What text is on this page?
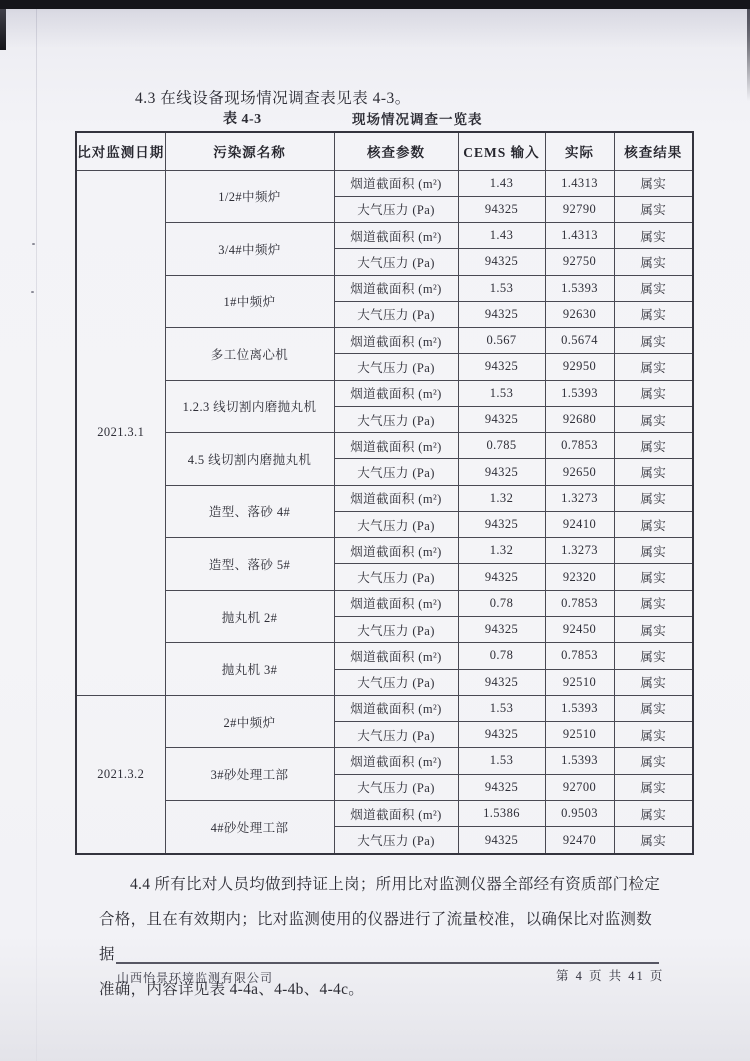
4.3 在线设备现场情况调查表见表 4-3。
表 4-3	现场情况调查一览表
比对监测日期	污染源名称	核查参数	CEMS 输入	实际	核查结果
2021.3.1	1/2#中频炉	烟道截面积 (m²)	1.43	1.4313	属实
		大气压力 (Pa)	94325	92790	属实
	3/4#中频炉	烟道截面积 (m²)	1.43	1.4313	属实
		大气压力 (Pa)	94325	92750	属实
	1#中频炉	烟道截面积 (m²)	1.53	1.5393	属实
		大气压力 (Pa)	94325	92630	属实
	多工位离心机	烟道截面积 (m²)	0.567	0.5674	属实
		大气压力 (Pa)	94325	92950	属实
	1.2.3 线切割内磨抛丸机	烟道截面积 (m²)	1.53	1.5393	属实
		大气压力 (Pa)	94325	92680	属实
	4.5 线切割内磨抛丸机	烟道截面积 (m²)	0.785	0.7853	属实
		大气压力 (Pa)	94325	92650	属实
	造型、落砂 4#	烟道截面积 (m²)	1.32	1.3273	属实
		大气压力 (Pa)	94325	92410	属实
	造型、落砂 5#	烟道截面积 (m²)	1.32	1.3273	属实
		大气压力 (Pa)	94325	92320	属实
	抛丸机 2#	烟道截面积 (m²)	0.78	0.7853	属实
		大气压力 (Pa)	94325	92450	属实
	抛丸机 3#	烟道截面积 (m²)	0.78	0.7853	属实
		大气压力 (Pa)	94325	92510	属实
2021.3.2	2#中频炉	烟道截面积 (m²)	1.53	1.5393	属实
		大气压力 (Pa)	94325	92510	属实
	3#砂处理工部	烟道截面积 (m²)	1.53	1.5393	属实
		大气压力 (Pa)	94325	92700	属实
	4#砂处理工部	烟道截面积 (m²)	1.5386	0.9503	属实
		大气压力 (Pa)	94325	92470	属实
4.4 所有比对人员均做到持证上岗；所用比对监测仪器全部经有资质部门检定
合格，且在有效期内；比对监测使用的仪器进行了流量校准，以确保比对监测数据
准确，内容详见表 4-4a、4-4b、4-4c。
山西怡景环境监测有限公司	第 4 页 共 41 页
